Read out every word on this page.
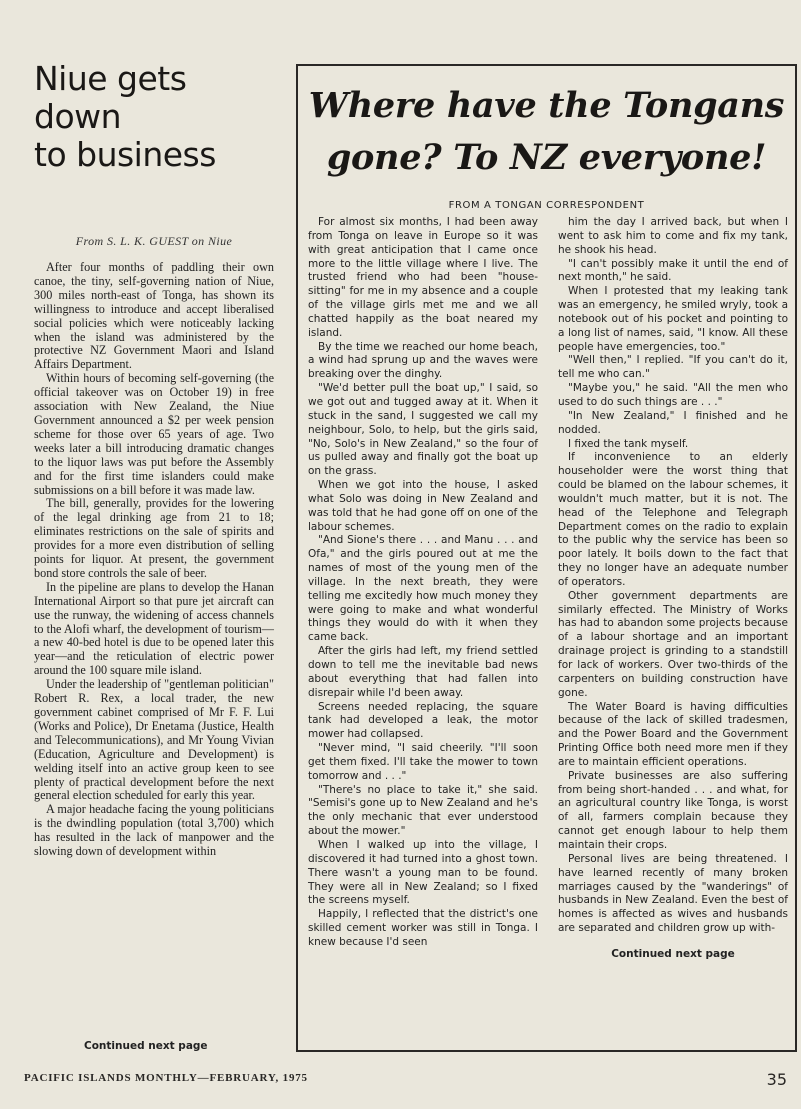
Niue gets
down
to business
From S. L. K. GUEST on Niue

After four months of paddling their own canoe, the tiny, self-governing nation of Niue, 300 miles north-east of Tonga, has shown its willingness to introduce and accept liberalised social policies which were noticeably lacking when the island was administered by the protective NZ Government Maori and Island Affairs Department.

Within hours of becoming self-governing (the official takeover was on October 19) in free association with New Zealand, the Niue Government announced a $2 per week pension scheme for those over 65 years of age. Two weeks later a bill introducing dramatic changes to the liquor laws was put before the Assembly and for the first time islanders could make submissions on a bill before it was made law.

The bill, generally, provides for the lowering of the legal drinking age from 21 to 18; eliminates restrictions on the sale of spirits and provides for a more even distribution of selling points for liquor. At present, the government bond store controls the sale of beer.

In the pipeline are plans to develop the Hanan International Airport so that pure jet aircraft can use the runway, the widening of access channels to the Alofi wharf, the development of tourism—a new 40-bed hotel is due to be opened later this year—and the reticulation of electric power around the 100 square mile island.

Under the leadership of "gentleman politician" Robert R. Rex, a local trader, the new government cabinet comprised of Mr F. F. Lui (Works and Police), Dr Enetama (Justice, Health and Telecommunications), and Mr Young Vivian (Education, Agriculture and Development) is welding itself into an active group keen to see plenty of practical development before the next general election scheduled for early this year.

A major headache facing the young politicians is the dwindling population (total 3,700) which has resulted in the lack of manpower and the slowing down of development within

Continued next page
Where have the Tongans
gone? To NZ everyone!
FROM A TONGAN CORRESPONDENT

For almost six months, I had been away from Tonga on leave in Europe so it was with great anticipation that I came once more to the little village where I live. The trusted friend who had been "house-sitting" for me in my absence and a couple of the village girls met me and we all chatted happily as the boat neared my island.

By the time we reached our home beach, a wind had sprung up and the waves were breaking over the dinghy.

"We'd better pull the boat up," I said, so we got out and tugged away at it. When it stuck in the sand, I suggested we call my neighbour, Solo, to help, but the girls said, "No, Solo's in New Zealand," so the four of us pulled away and finally got the boat up on the grass.

When we got into the house, I asked what Solo was doing in New Zealand and was told that he had gone off on one of the labour schemes.

"And Sione's there . . . and Manu . . . and Ofa," and the girls poured out at me the names of most of the young men of the village. In the next breath, they were telling me excitedly how much money they were going to make and what wonderful things they would do with it when they came back.

After the girls had left, my friend settled down to tell me the inevitable bad news about everything that had fallen into disrepair while I'd been away.

Screens needed replacing, the square tank had developed a leak, the motor mower had collapsed.

"Never mind, "I said cheerily. "I'll soon get them fixed. I'll take the mower to town tomorrow and . . ."

"There's no place to take it," she said. "Semisi's gone up to New Zealand and he's the only mechanic that ever understood about the mower."

When I walked up into the village, I discovered it had turned into a ghost town. There wasn't a young man to be found. They were all in New Zealand; so I fixed the screens myself.

Happily, I reflected that the district's one skilled cement worker was still in Tonga. I knew because I'd seen

him the day I arrived back, but when I went to ask him to come and fix my tank, he shook his head.

"I can't possibly make it until the end of next month," he said.

When I protested that my leaking tank was an emergency, he smiled wryly, took a notebook out of his pocket and pointing to a long list of names, said, "I know. All these people have emergencies, too."

"Well then," I replied. "If you can't do it, tell me who can."

"Maybe you," he said. "All the men who used to do such things are . . ."

"In New Zealand," I finished and he nodded.

I fixed the tank myself.

If inconvenience to an elderly householder were the worst thing that could be blamed on the labour schemes, it wouldn't much matter, but it is not. The head of the Telephone and Telegraph Department comes on the radio to explain to the public why the service has been so poor lately. It boils down to the fact that they no longer have an adequate number of operators.

Other government departments are similarly effected. The Ministry of Works has had to abandon some projects because of a labour shortage and an important drainage project is grinding to a standstill for lack of workers. Over two-thirds of the carpenters on building construction have gone.

The Water Board is having difficulties because of the lack of skilled tradesmen, and the Power Board and the Government Printing Office both need more men if they are to maintain efficient operations.

Private businesses are also suffering from being short-handed . . . and what, for an agricultural country like Tonga, is worst of all, farmers complain because they cannot get enough labour to help them maintain their crops.

Personal lives are being threatened. I have learned recently of many broken marriages caused by the "wanderings" of husbands in New Zealand. Even the best of homes is affected as wives and husbands are separated and children grow up with-

Continued next page
PACIFIC ISLANDS MONTHLY—FEBRUARY, 1975	35
